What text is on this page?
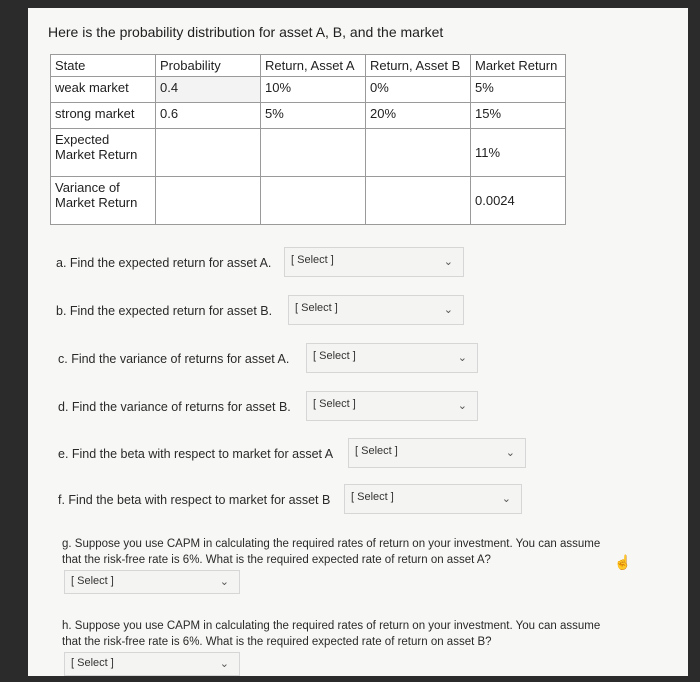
Here is the probability distribution for asset A, B, and the market
State	Probability	Return, Asset A	Return, Asset B	Market Return
weak market	0.4	10%	0%	5%
strong market	0.6	5%	20%	15%
Expected Market Return				11%
Variance of Market Return				0.0024
a. Find the expected return for asset A. [ Select ]	⌄
b. Find the expected return for asset B. [ Select ]	⌄
c. Find the variance of returns for asset A. [ Select ]	⌄
d. Find the variance of returns for asset B. [ Select ]	⌄
e. Find the beta with respect to market for asset A [ Select ]	⌄
f. Find the beta with respect to market for asset B [ Select ]	⌄
g. Suppose you use CAPM in calculating the required rates of return on your investment. You can assume that the risk-free rate is 6%. What is the required expected rate of return on asset A?
[ Select ]	⌄
☝
h. Suppose you use CAPM in calculating the required rates of return on your investment. You can assume that the risk-free rate is 6%. What is the required expected rate of return on asset B?
[ Select ]	⌄
